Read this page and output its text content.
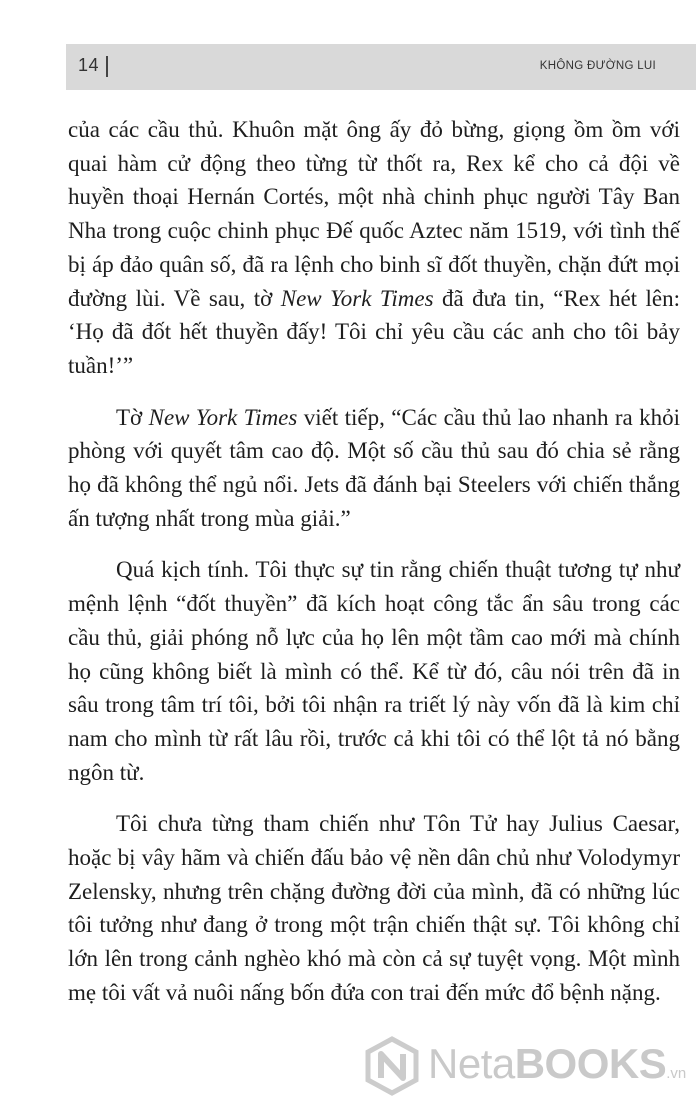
14	KHÔNG ĐƯỜNG LUI

của các cầu thủ. Khuôn mặt ông ấy đỏ bừng, giọng ồm ồm với quai hàm cử động theo từng từ thốt ra, Rex kể cho cả đội về huyền thoại Hernán Cortés, một nhà chinh phục người Tây Ban Nha trong cuộc chinh phục Đế quốc Aztec năm 1519, với tình thế bị áp đảo quân số, đã ra lệnh cho binh sĩ đốt thuyền, chặn đứt mọi đường lùi. Về sau, tờ New York Times đã đưa tin, “Rex hét lên: ‘Họ đã đốt hết thuyền đấy! Tôi chỉ yêu cầu các anh cho tôi bảy tuần!’”

Tờ New York Times viết tiếp, “Các cầu thủ lao nhanh ra khỏi phòng với quyết tâm cao độ. Một số cầu thủ sau đó chia sẻ rằng họ đã không thể ngủ nổi. Jets đã đánh bại Steelers với chiến thắng ấn tượng nhất trong mùa giải.”

Quá kịch tính. Tôi thực sự tin rằng chiến thuật tương tự như mệnh lệnh “đốt thuyền” đã kích hoạt công tắc ẩn sâu trong các cầu thủ, giải phóng nỗ lực của họ lên một tầm cao mới mà chính họ cũng không biết là mình có thể. Kể từ đó, câu nói trên đã in sâu trong tâm trí tôi, bởi tôi nhận ra triết lý này vốn đã là kim chỉ nam cho mình từ rất lâu rồi, trước cả khi tôi có thể lột tả nó bằng ngôn từ.

Tôi chưa từng tham chiến như Tôn Tử hay Julius Caesar, hoặc bị vây hãm và chiến đấu bảo vệ nền dân chủ như Volodymyr Zelensky, nhưng trên chặng đường đời của mình, đã có những lúc tôi tưởng như đang ở trong một trận chiến thật sự. Tôi không chỉ lớn lên trong cảnh nghèo khó mà còn cả sự tuyệt vọng. Một mình mẹ tôi vất vả nuôi nấng bốn đứa con trai đến mức đổ bệnh nặng.

NetaBOOKS.vn
